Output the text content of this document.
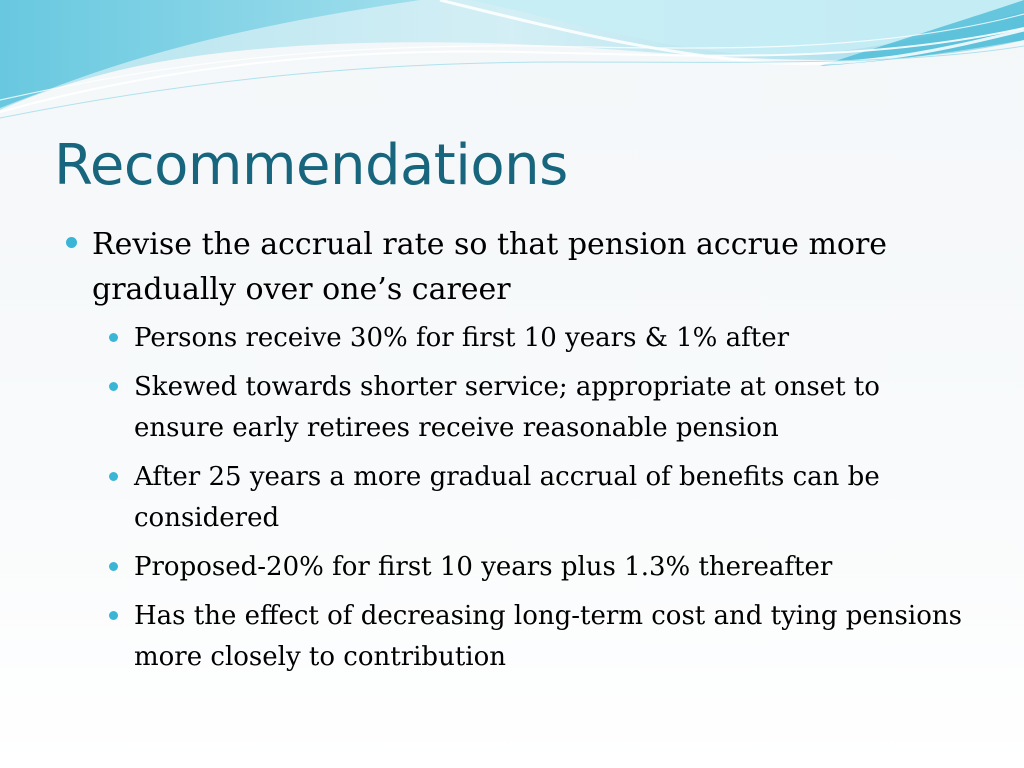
Recommendations
Revise the accrual rate so that pension accrue more gradually over one’s career
Persons receive 30% for first 10 years & 1% after
Skewed towards shorter service; appropriate at onset to ensure early retirees receive reasonable pension
After 25 years a more gradual accrual of benefits can be considered
Proposed-20% for first 10 years plus 1.3% thereafter
Has the effect of decreasing long-term cost and tying pensions more closely to contribution
